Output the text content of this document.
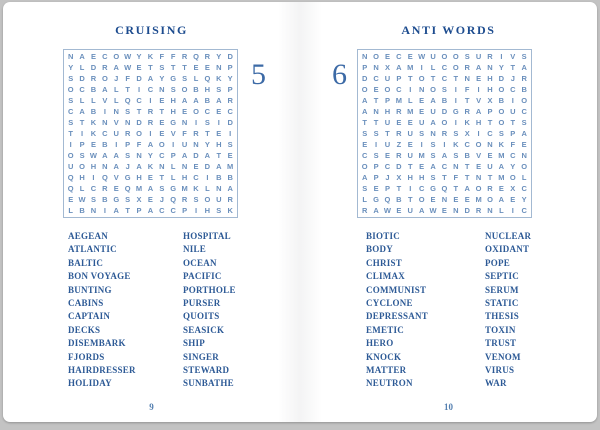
CRUISING
5
N A E C O W Y K F F R Q R Y D
Y L D R A W E T S T T E E N P
S D R O J F D A Y G S L Q K Y
O C B A L T	I	C N S O B H S P
S L L V L Q C	I	E H A A B A R
C A B	I	N S T R T H E O C E C
S T K N V N D R E G N	I	S	I	D
T	I	K C U R O I	E V F R T E	I
I	P E B	I	P F A O I	U N Y H S
O S W A A S N Y C P A D A T E
U O H N A J A K N L N E D A M
Q H	I Q V G H E T L H C	I	B B
Q L C R E Q M A S G M K L N A
E W S B G S X E J Q R S O U R
L B N	I	A T P A C C P	I	H S K
AEGEAN
ATLANTIC
BALTIC
BON VOYAGE
BUNTING
CABINS
CAPTAIN
DECKS
DISEMBARK
FJORDS
HAIRDRESSER
HOLIDAY
HOSPITAL
NILE
OCEAN
PACIFIC
PORTHOLE
PURSER
QUOITS
SEASICK
SHIP
SINGER
STEWARD
SUNBATHE
9
ANTI WORDS
6
N O E C E W U O O S U R	I	V S
P N X A M I	L C O R A N Y T A
D C U P T O T C T N E H D J R
O E O C	I	N O S	I	F	I	H O C B
A T P M L E A B	I	T V X B	I O
A N H R M E U D G R A P O U C
T T U E E U A O I	K H T O T S
S S T R U S N R S X	I	C S P A
E	I	U Z E	I	S	I	K C O N K F E
C S E R U M S A S B V E M C N
O P C D T E A C N T E U A Y O
A P J X H H S T F T N T M O L
S E P T	I	C G Q T A O R E X C
L G Q B T O E N E E M O A E Y
R A W E U A W E N D R N L	I	C
BIOTIC
BODY
CHRIST
CLIMAX
COMMUNIST
CYCLONE
DEPRESSANT
EMETIC
HERO
KNOCK
MATTER
NEUTRON
NUCLEAR
OXIDANT
POPE
SEPTIC
SERUM
STATIC
THESIS
TOXIN
TRUST
VENOM
VIRUS
WAR
10
